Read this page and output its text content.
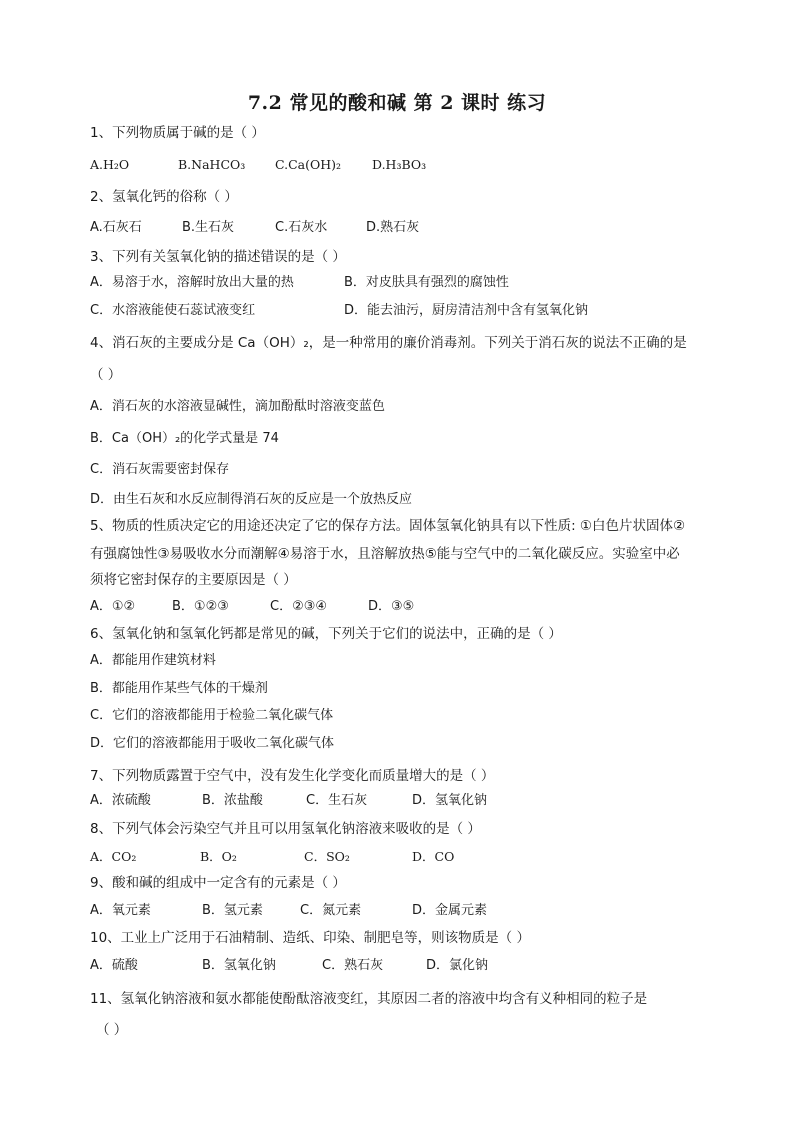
7.2 常见的酸和碱 第 2 课时 练习
1、下列物质属于碱的是（ ）
A.H₂O	B.NaHCO₃ C.Ca(OH)₂ D.H₃BO₃
2、氢氧化钙的俗称（ ）
A.石灰石	B.生石灰	C.石灰水	D.熟石灰
3、下列有关氢氧化钠的描述错误的是（ ）
A．易溶于水，溶解时放出大量的热	B．对皮肤具有强烈的腐蚀性
C．水溶液能使石蕊试液变红	D．能去油污，厨房清洁剂中含有氢氧化钠
4、消石灰的主要成分是 Ca（OH）₂，是一种常用的廉价消毒剂。下列关于消石灰的说法不正确的是
（ ）
A．消石灰的水溶液显碱性，滴加酚酞时溶液变蓝色
B．Ca（OH）₂的化学式量是 74
C．消石灰需要密封保存
D．由生石灰和水反应制得消石灰的反应是一个放热反应
5、物质的性质决定它的用途还决定了它的保存方法。固体氢氧化钠具有以下性质: ①白色片状固体②
有强腐蚀性③易吸收水分而潮解④易溶于水，且溶解放热⑤能与空气中的二氧化碳反应。实验室中必
须将它密封保存的主要原因是（ ）
A．①②	B．①②③	C．②③④	D．③⑤
6、氢氧化钠和氢氧化钙都是常见的碱，下列关于它们的说法中，正确的是（ ）
A．都能用作建筑材料
B．都能用作某些气体的干燥剂
C．它们的溶液都能用于检验二氧化碳气体
D．它们的溶液都能用于吸收二氧化碳气体
7、下列物质露置于空气中，没有发生化学变化而质量增大的是（ ）
A．浓硫酸	B．浓盐酸	C．生石灰	D．氢氧化钠
8、下列气体会污染空气并且可以用氢氧化钠溶液来吸收的是（ ）
A．CO₂	B．O₂	C．SO₂	D．CO
9、酸和碱的组成中一定含有的元素是（ ）
A．氧元素	B．氢元素	C．氮元素	D．金属元素
10、工业上广泛用于石油精制、造纸、印染、制肥皂等，则该物质是（ ）
A．硫酸	B．氢氧化钠	C．熟石灰	D．氯化钠
11、氢氧化钠溶液和氨水都能使酚酞溶液变红，其原因二者的溶液中均含有义种相同的粒子是
（ ）
